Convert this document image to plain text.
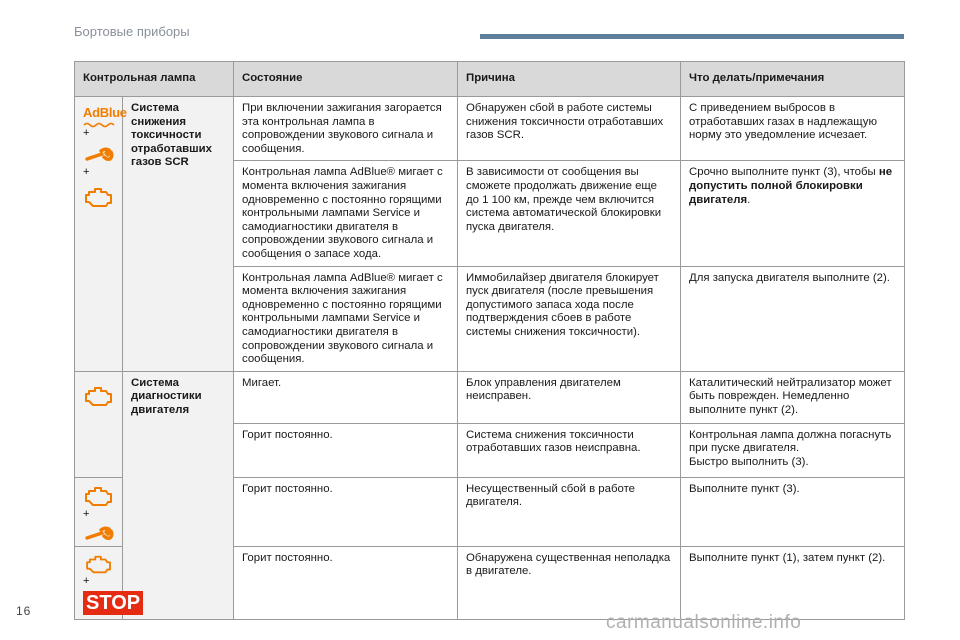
Бортовые приборы
Контрольная лампа		Состояние	Причина	Что делать/примечания

AdBlue
+
+	Система снижения токсичности отработавших газов SCR	При включении зажигания загорается эта контрольная лампа в сопровождении звукового сигнала и сообщения.	Обнаружен сбой в работе системы снижения токсичности отработавших газов SCR.	С приведением выбросов в отработавших газах в надлежащую норму это уведомление исчезает.
		Контрольная лампа AdBlue® мигает с момента включения зажигания одновременно с постоянно горящими контрольными лампами Service и самодиагностики двигателя в сопровождении звукового сигнала и сообщения о запасе хода.	В зависимости от сообщения вы сможете продолжать движение еще до 1 100 км, прежде чем включится система автоматической блокировки пуска двигателя.	Срочно выполните пункт (3), чтобы не допустить полной блокировки двигателя.
		Контрольная лампа AdBlue® мигает с момента включения зажигания одновременно с постоянно горящими контрольными лампами Service и самодиагностики двигателя в сопровождении звукового сигнала и сообщения.	Иммобилайзер двигателя блокирует пуск двигателя (после превышения допустимого запаса хода после подтверждения сбоев в работе системы снижения токсичности).	Для запуска двигателя выполните (2).

	Система диагностики двигателя	Мигает.	Блок управления двигателем неисправен.	Каталитический нейтрализатор может быть поврежден. Немедленно выполните пункт (2).
		Горит постоянно.	Система снижения токсичности отработавших газов неисправна.	Контрольная лампа должна погаснуть при пуске двигателя.
Быстро выполнить (3).

+		Горит постоянно.	Несущественный сбой в работе двигателя.	Выполните пункт (3).

+
STOP		Горит постоянно.	Обнаружена существенная неполадка в двигателе.	Выполните пункт (1), затем пункт (2).
16
carmanualsonline.info
